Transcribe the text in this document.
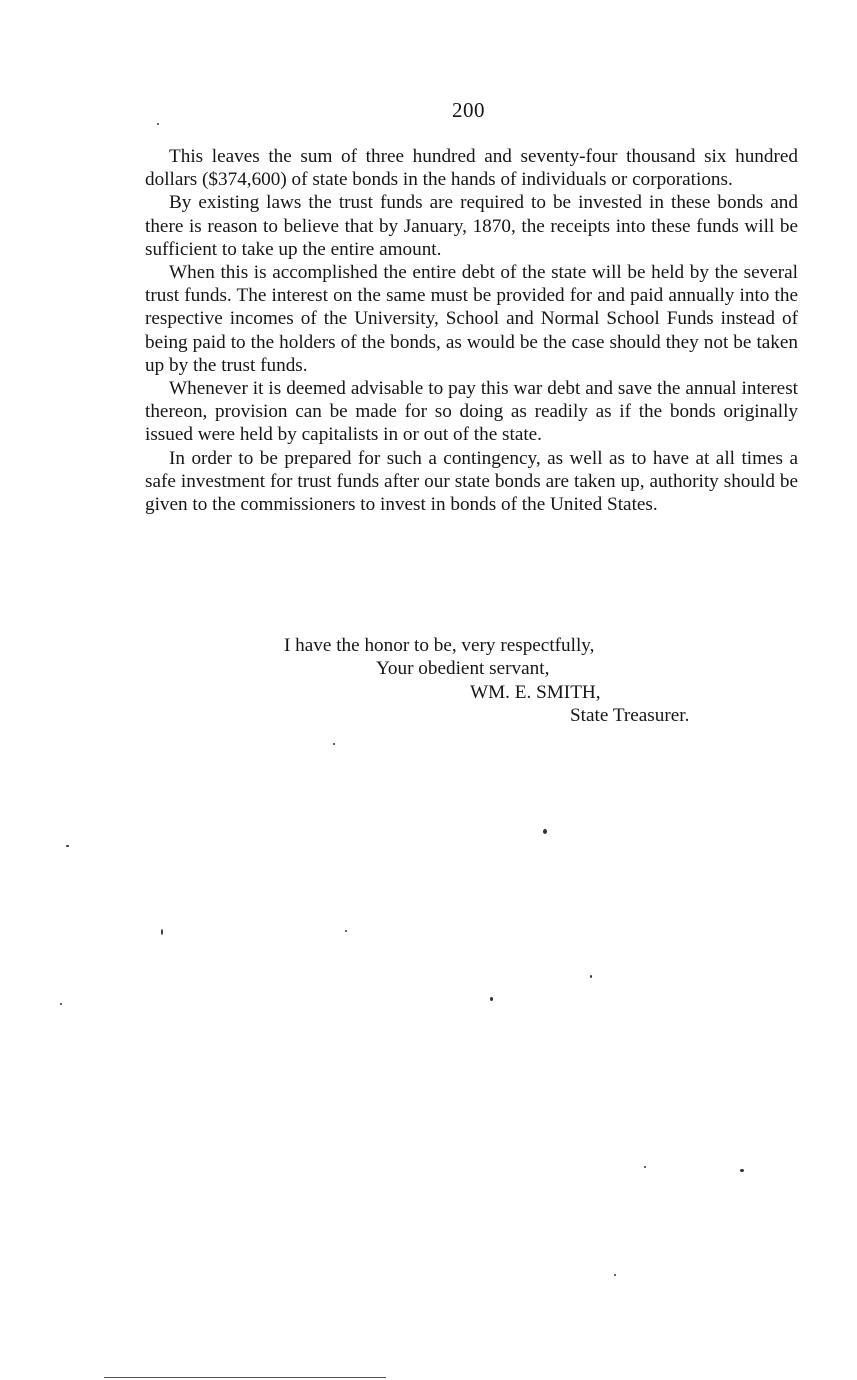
200

This leaves the sum of three hundred and seventy-four thousand six hundred dollars ($374,600) of state bonds in the hands of individuals or corporations.

By existing laws the trust funds are required to be invested in these bonds and there is reason to believe that by January, 1870, the receipts into these funds will be sufficient to take up the entire amount.

When this is accomplished the entire debt of the state will be held by the several trust funds. The interest on the same must be provided for and paid annually into the respective incomes of the University, School and Normal School Funds instead of being paid to the holders of the bonds, as would be the case should they not be taken up by the trust funds.

Whenever it is deemed advisable to pay this war debt and save the annual interest thereon, provision can be made for so doing as readily as if the bonds originally issued were held by capitalists in or out of the state.

In order to be prepared for such a contingency, as well as to have at all times a safe investment for trust funds after our state bonds are taken up, authority should be given to the commissioners to invest in bonds of the United States.

I have the honor to be, very respectfully,
Your obedient servant,
WM. E. SMITH,
State Treasurer.
